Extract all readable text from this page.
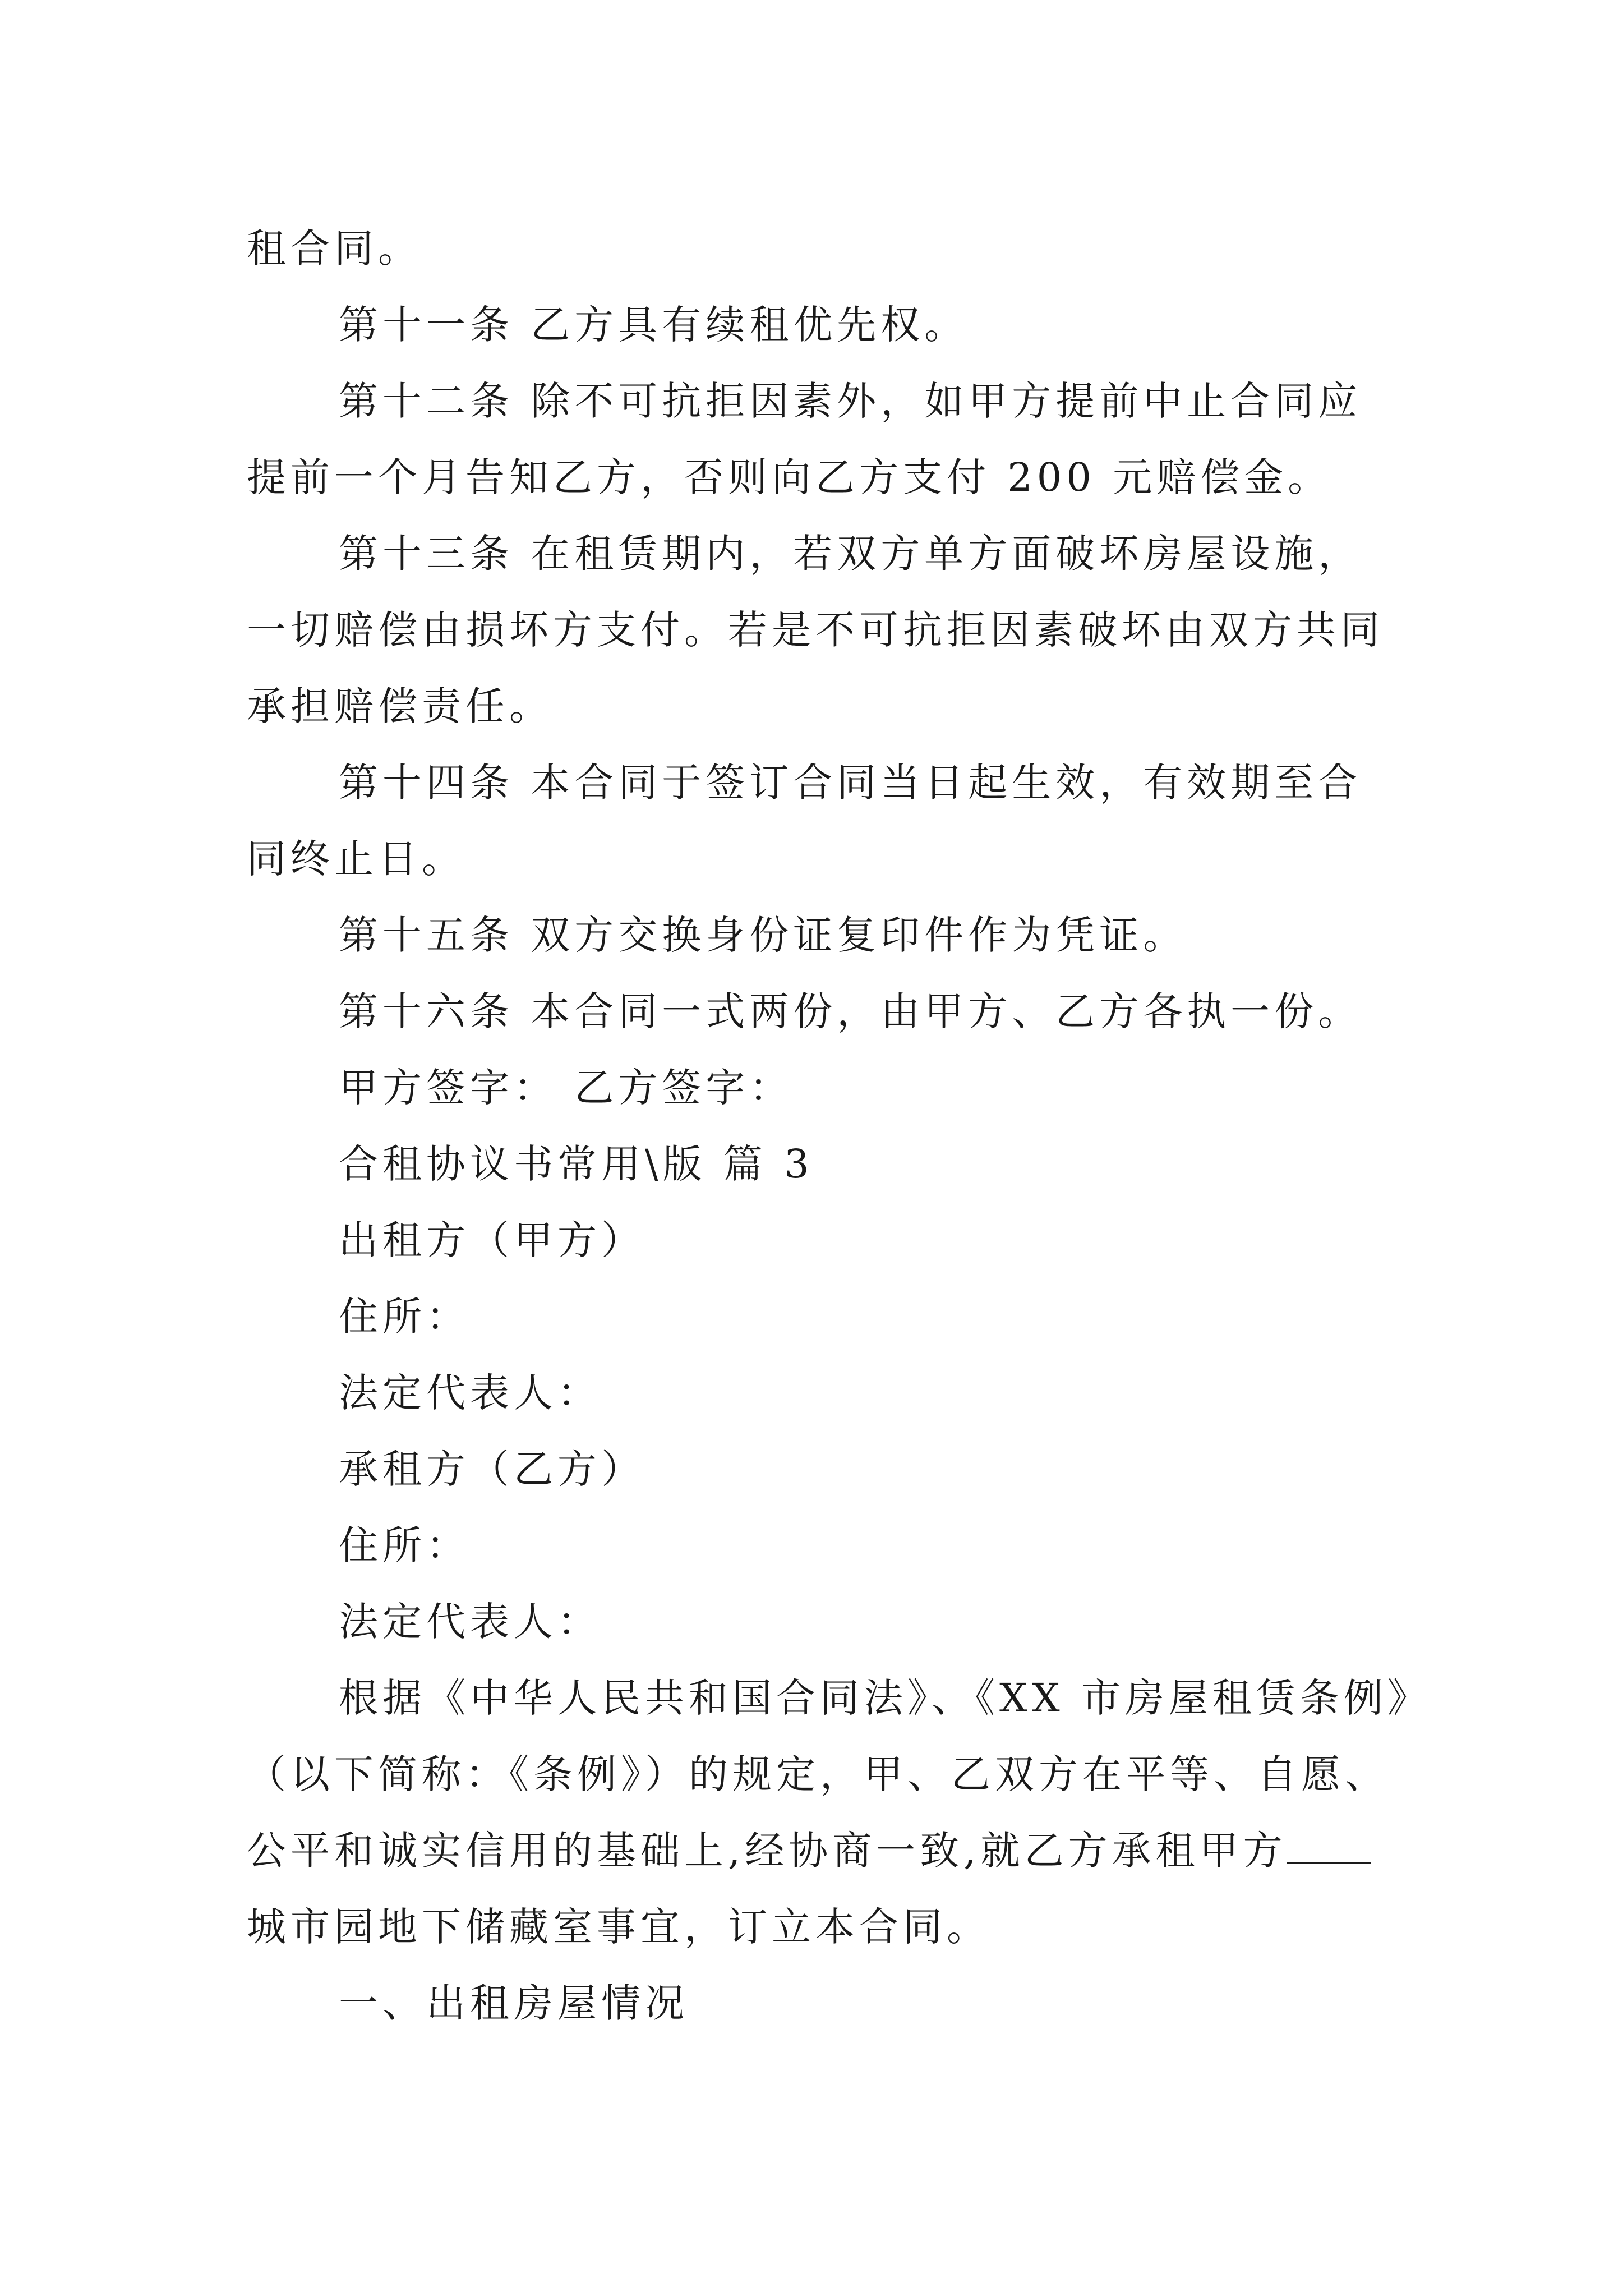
租合同。

第十一条 乙方具有续租优先权。

第十二条 除不可抗拒因素外，如甲方提前中止合同应

提前一个月告知乙方，否则向乙方支付 200 元赔偿金。

第十三条 在租赁期内，若双方单方面破坏房屋设施，

一切赔偿由损坏方支付。若是不可抗拒因素破坏由双方共同

承担赔偿责任。

第十四条 本合同于签订合同当日起生效，有效期至合

同终止日。

第十五条 双方交换身份证复印件作为凭证。

第十六条 本合同一式两份，由甲方、乙方各执一份。

甲方签字： 乙方签字：

合租协议书常用\版 篇 3

出租方（甲方）

住所：

法定代表人：

承租方（乙方）

住所：

法定代表人：

根据《中华人民共和国合同法》、《XX 市房屋租赁条例》

（以下简称：《条例》）的规定，甲、乙双方在平等、自愿、

公平和诚实信用的基础上,经协商一致,就乙方承租甲方

城市园地下储藏室事宜，订立本合同。

一、出租房屋情况
